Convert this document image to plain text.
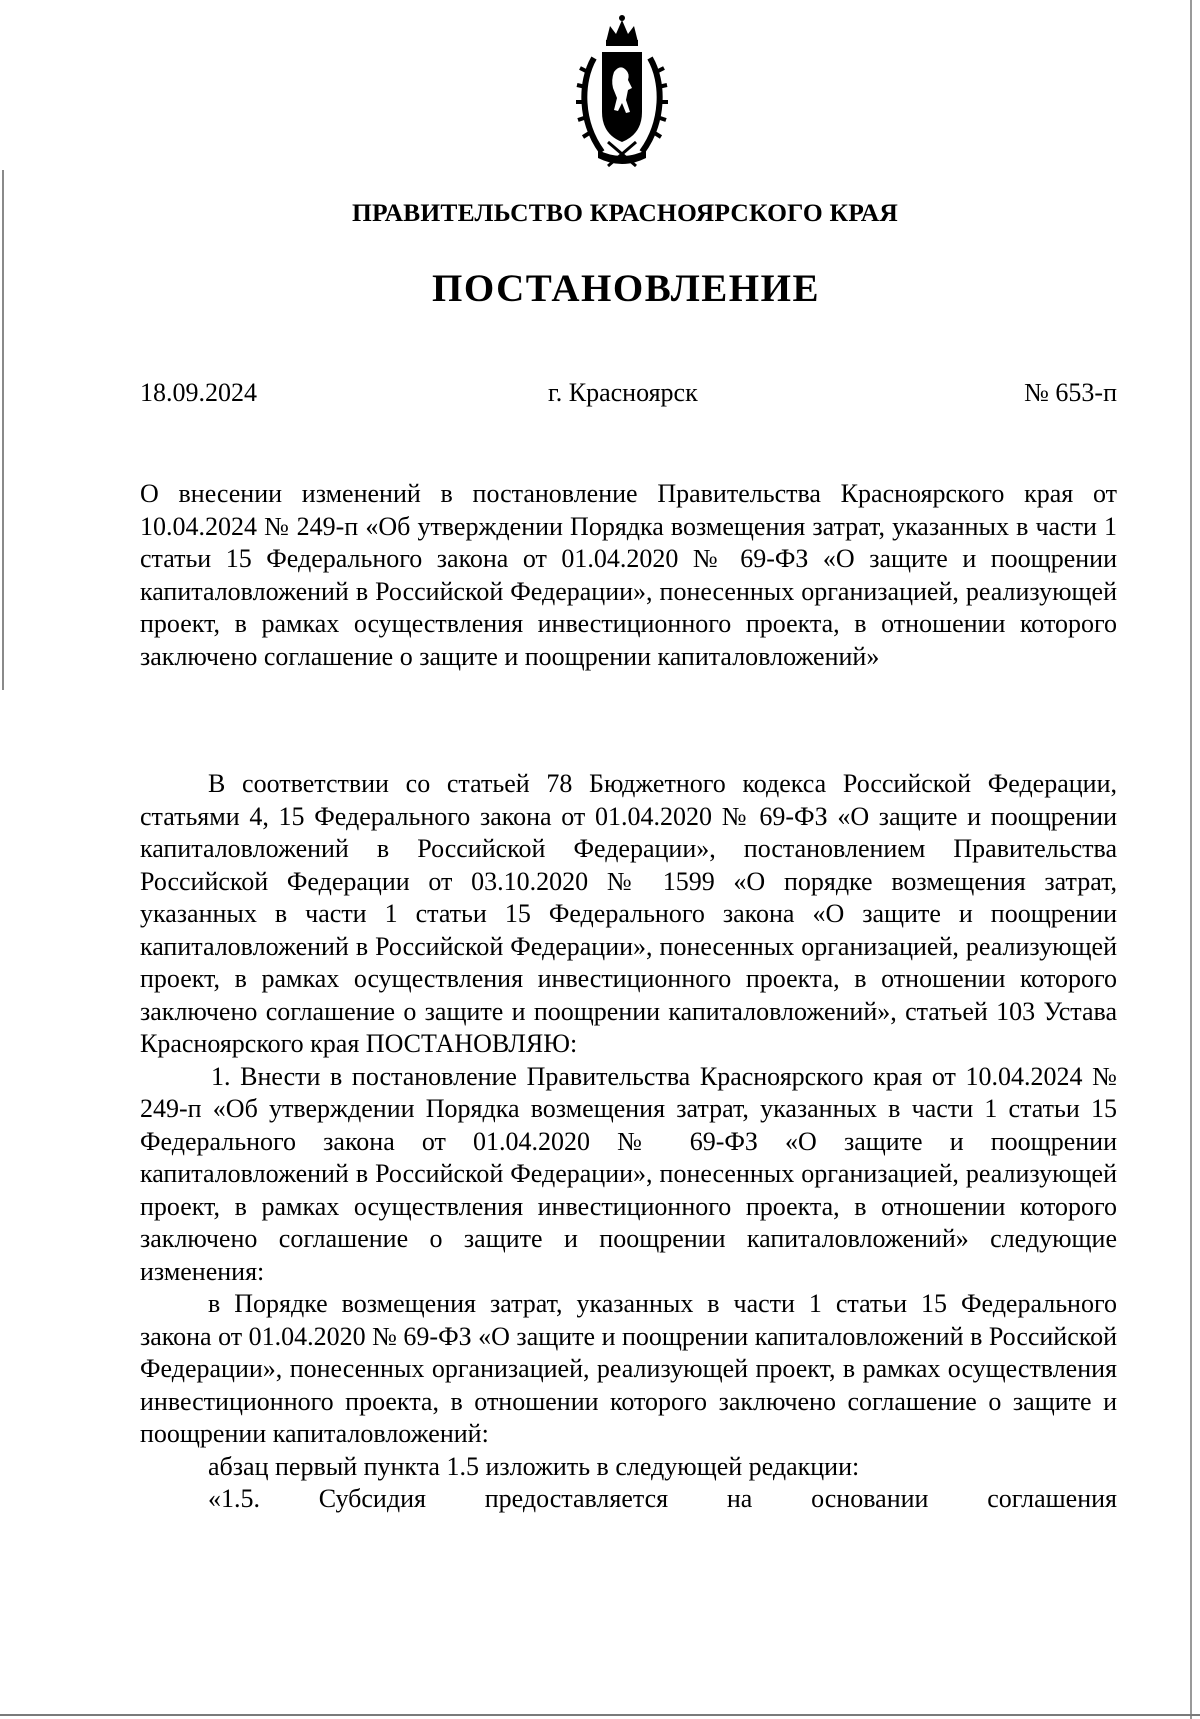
ПРАВИТЕЛЬСТВО КРАСНОЯРСКОГО КРАЯ
ПОСТАНОВЛЕНИЕ

18.09.2024	г. Красноярск	№ 653-п

О внесении изменений в постановление Правительства Красноярского края от 10.04.2024 № 249-п «Об утверждении Порядка возмещения затрат, указанных в части 1 статьи 15 Федерального закона от 01.04.2020 № 69-ФЗ «О защите и поощрении капиталовложений в Российской Федерации», понесенных организацией, реализующей проект, в рамках осуществления инвестиционного проекта, в отношении которого заключено соглашение о защите и поощрении капиталовложений»

В соответствии со статьей 78 Бюджетного кодекса Российской Федерации, статьями 4, 15 Федерального закона от 01.04.2020 № 69-ФЗ «О защите и поощрении капиталовложений в Российской Федерации», постановлением Правительства Российской Федерации от 03.10.2020 № 1599 «О порядке возмещения затрат, указанных в части 1 статьи 15 Федерального закона «О защите и поощрении капиталовложений в Российской Федерации», понесенных организацией, реализующей проект, в рамках осуществления инвестиционного проекта, в отношении которого заключено соглашение о защите и поощрении капиталовложений», статьей 103 Устава Красноярского края ПОСТАНОВЛЯЮ:

1. Внести в постановление Правительства Красноярского края от 10.04.2024 № 249-п «Об утверждении Порядка возмещения затрат, указанных в части 1 статьи 15 Федерального закона от 01.04.2020 № 69-ФЗ «О защите и поощрении капиталовложений в Российской Федерации», понесенных организацией, реализующей проект, в рамках осуществления инвестиционного проекта, в отношении которого заключено соглашение о защите и поощрении капиталовложений» следующие изменения:

в Порядке возмещения затрат, указанных в части 1 статьи 15 Федерального закона от 01.04.2020 № 69-ФЗ «О защите и поощрении капиталовложений в Российской Федерации», понесенных организацией, реализующей проект, в рамках осуществления инвестиционного проекта, в отношении которого заключено соглашение о защите и поощрении капиталовложений:

абзац первый пункта 1.5 изложить в следующей редакции:

«1.5. Субсидия предоставляется на основании соглашения
